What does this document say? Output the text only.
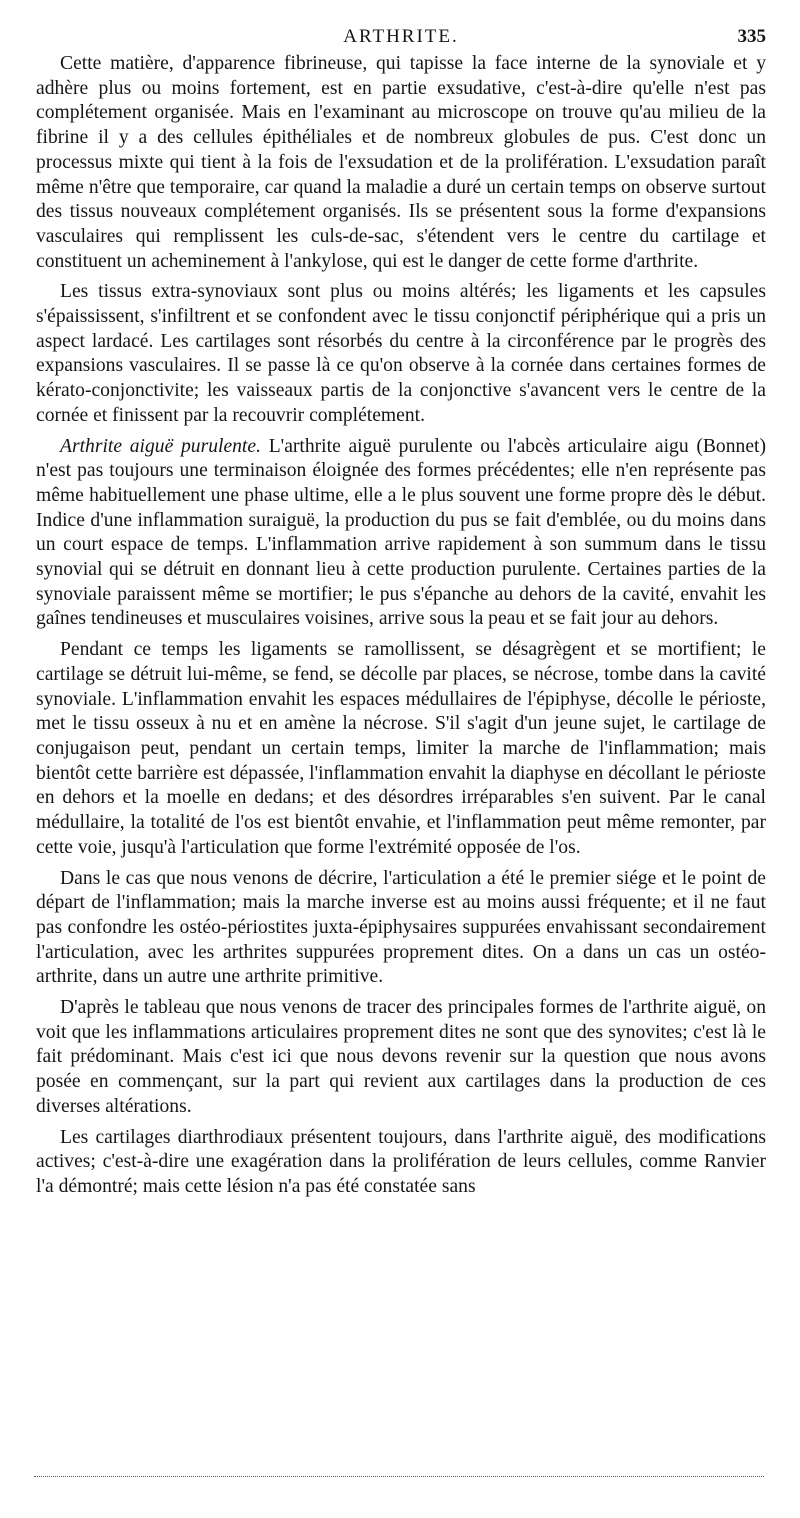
ARTHRITE.	335

Cette matière, d'apparence fibrineuse, qui tapisse la face interne de la synoviale et y adhère plus ou moins fortement, est en partie exsudative, c'est-à-dire qu'elle n'est pas complétement organisée. Mais en l'examinant au microscope on trouve qu'au milieu de la fibrine il y a des cellules épithéliales et de nombreux globules de pus. C'est donc un processus mixte qui tient à la fois de l'exsudation et de la prolifération. L'exsudation paraît même n'être que temporaire, car quand la maladie a duré un certain temps on observe surtout des tissus nouveaux complétement organisés. Ils se présentent sous la forme d'expansions vasculaires qui remplissent les culs-de-sac, s'étendent vers le centre du cartilage et constituent un acheminement à l'ankylose, qui est le danger de cette forme d'arthrite.

Les tissus extra-synoviaux sont plus ou moins altérés; les ligaments et les capsules s'épaississent, s'infiltrent et se confondent avec le tissu conjonctif périphérique qui a pris un aspect lardacé. Les cartilages sont résorbés du centre à la circonférence par le progrès des expansions vasculaires. Il se passe là ce qu'on observe à la cornée dans certaines formes de kérato-conjonctivite; les vaisseaux partis de la conjonctive s'avancent vers le centre de la cornée et finissent par la recouvrir complétement.

Arthrite aiguë purulente. L'arthrite aiguë purulente ou l'abcès articulaire aigu (Bonnet) n'est pas toujours une terminaison éloignée des formes précédentes; elle n'en représente pas même habituellement une phase ultime, elle a le plus souvent une forme propre dès le début. Indice d'une inflammation suraiguë, la production du pus se fait d'emblée, ou du moins dans un court espace de temps. L'inflammation arrive rapidement à son summum dans le tissu synovial qui se détruit en donnant lieu à cette production purulente. Certaines parties de la synoviale paraissent même se mortifier; le pus s'épanche au dehors de la cavité, envahit les gaînes tendineuses et musculaires voisines, arrive sous la peau et se fait jour au dehors.

Pendant ce temps les ligaments se ramollissent, se désagrègent et se mortifient; le cartilage se détruit lui-même, se fend, se décolle par places, se nécrose, tombe dans la cavité synoviale. L'inflammation envahit les espaces médullaires de l'épiphyse, décolle le périoste, met le tissu osseux à nu et en amène la nécrose. S'il s'agit d'un jeune sujet, le cartilage de conjugaison peut, pendant un certain temps, limiter la marche de l'inflammation; mais bientôt cette barrière est dépassée, l'inflammation envahit la diaphyse en décollant le périoste en dehors et la moelle en dedans; et des désordres irréparables s'en suivent. Par le canal médullaire, la totalité de l'os est bientôt envahie, et l'inflammation peut même remonter, par cette voie, jusqu'à l'articulation que forme l'extrémité opposée de l'os.

Dans le cas que nous venons de décrire, l'articulation a été le premier siége et le point de départ de l'inflammation; mais la marche inverse est au moins aussi fréquente; et il ne faut pas confondre les ostéo-périostites juxta-épiphysaires suppurées envahissant secondairement l'articulation, avec les arthrites suppurées proprement dites. On a dans un cas un ostéo-arthrite, dans un autre une arthrite primitive.

D'après le tableau que nous venons de tracer des principales formes de l'arthrite aiguë, on voit que les inflammations articulaires proprement dites ne sont que des synovites; c'est là le fait prédominant. Mais c'est ici que nous devons revenir sur la question que nous avons posée en commençant, sur la part qui revient aux cartilages dans la production de ces diverses altérations.

Les cartilages diarthrodiaux présentent toujours, dans l'arthrite aiguë, des modifications actives; c'est-à-dire une exagération dans la prolifération de leurs cellules, comme Ranvier l'a démontré; mais cette lésion n'a pas été constatée sans
